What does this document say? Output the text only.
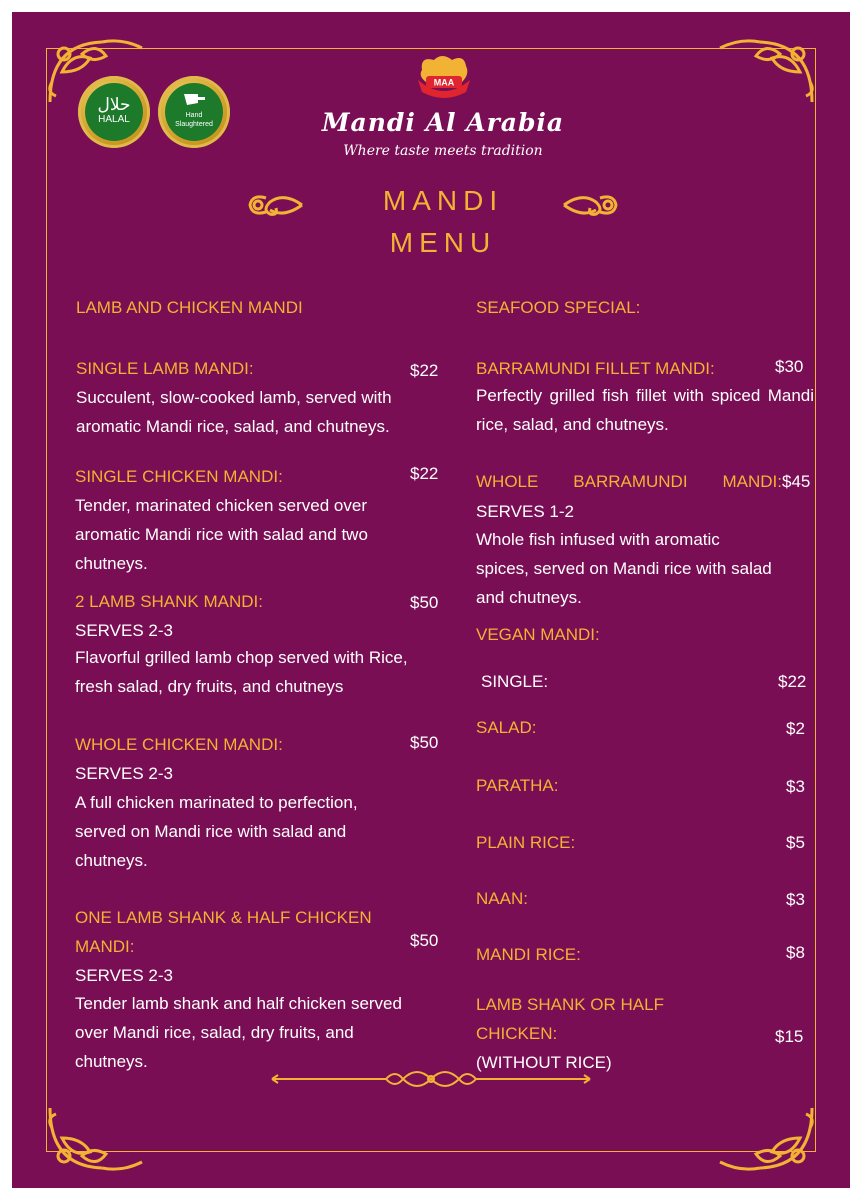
حلال
HALAL	Hand
Slaughtered
MAA
Mandi Al Arabia
Where taste meets tradition
MANDI
MENU
LAMB AND CHICKEN MANDI
SINGLE LAMB MANDI:	$22

Succulent, slow-cooked lamb, served with aromatic Mandi rice, salad, and chutneys.

SINGLE CHICKEN MANDI:	$22

Tender, marinated chicken served over aromatic Mandi rice with salad and two chutneys.

2 LAMB SHANK MANDI:	$50
SERVES 2-3

Flavorful grilled lamb chop served with Rice, fresh salad, dry fruits, and chutneys

WHOLE CHICKEN MANDI:	$50
SERVES 2-3

A full chicken marinated to perfection, served on Mandi rice with salad and chutneys.

ONE LAMB SHANK & HALF CHICKEN
MANDI:	$50
SERVES 2-3

Tender lamb shank and half chicken served over Mandi rice, salad, dry fruits, and chutneys.

SEAFOOD SPECIAL:
BARRAMUNDI FILLET MANDI:	$30

Perfectly grilled fish fillet with spiced Mandi rice, salad, and chutneys.

WHOLE BARRAMUNDI MANDI: $45
SERVES 1-2

Whole fish infused with aromatic spices, served on Mandi rice with salad and chutneys.

VEGAN MANDI:
SINGLE:	$22
SALAD:	$2
PARATHA:	$3
PLAIN RICE:	$5
NAAN:	$3
MANDI RICE:	$8
LAMB SHANK OR HALF
CHICKEN:	$15
(WITHOUT RICE)
